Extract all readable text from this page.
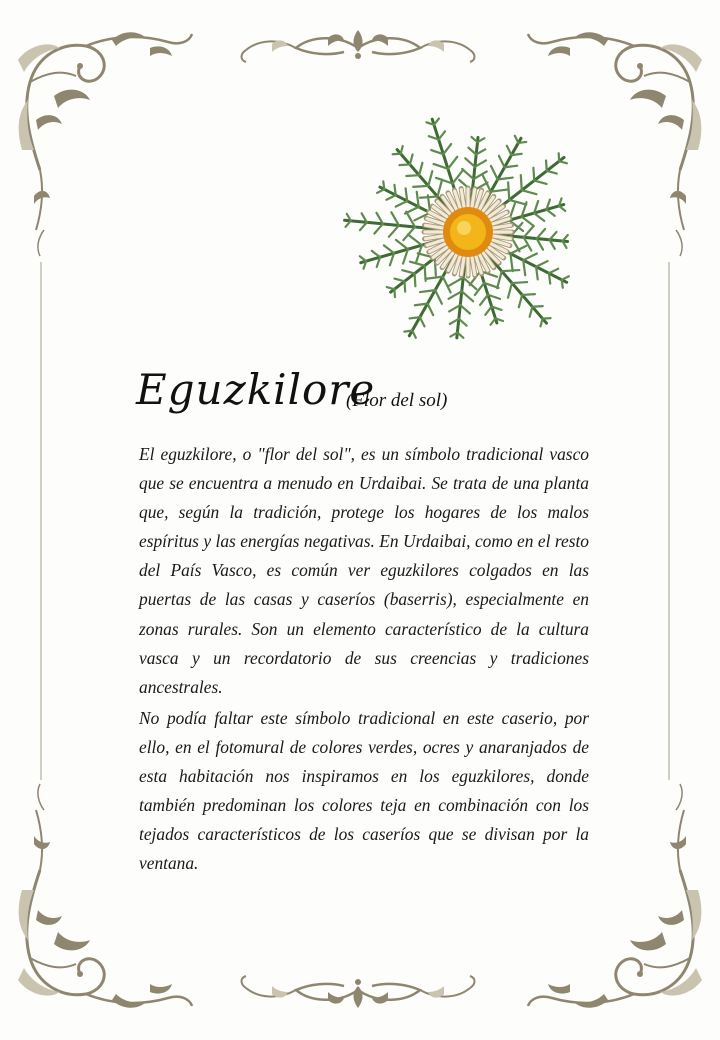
Eguzkilore
(Flor del sol)

El eguzkilore, o "flor del sol", es un símbolo tradicional vasco que se encuentra a menudo en Urdaibai. Se trata de una planta que, según la tradición, protege los hogares de los malos espíritus y las energías negativas. En Urdaibai, como en el resto del País Vasco, es común ver eguzkilores colgados en las puertas de las casas y caseríos (baserris), especialmente en zonas rurales. Son un elemento característico de la cultura vasca y un recordatorio de sus creencias y tradiciones ancestrales.

No podía faltar este símbolo tradicional en este caserio, por ello, en el fotomural de colores verdes, ocres y anaranjados de esta habitación nos inspiramos en los eguzkilores, donde también predominan los colores teja en combinación con los tejados característicos de los caseríos que se divisan por la ventana.
